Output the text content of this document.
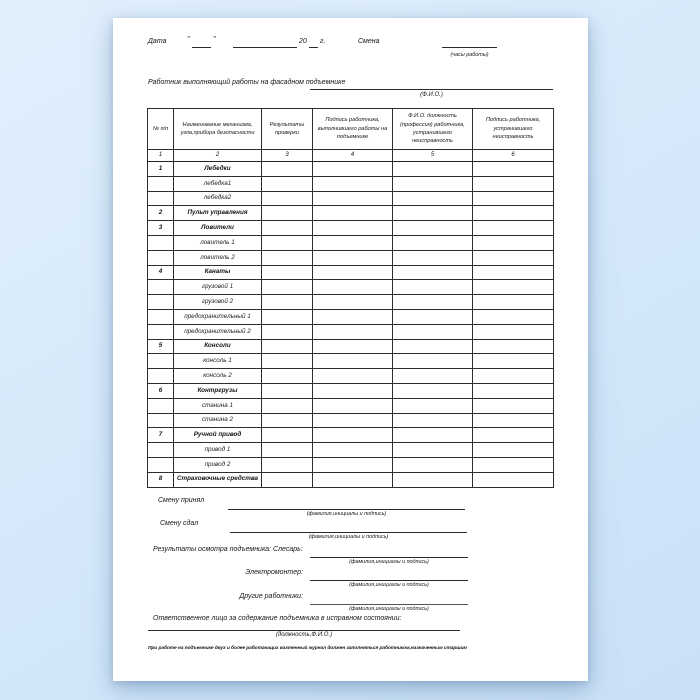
Дата	"	"	20 г.	Смена
(часы работы)
Работник выполняющий работы на фасадном подъемнике
(Ф.И.О.)
№ п/п	Наименование механизма, узла,прибора безопасности	Результаты проверки	Подпись работника, выполнившего работы на подъемнике	Ф.И.О. должность (профессия) работника, устранившего неисправность	Подпись работника, устранившего неисправность
1	2	3	4	5	6
1	Лебедки				
	лебедка1				
	лебедка2				
2	Пульт управления				
3	Ловители				
	ловитель 1				
	ловитель 2				
4	Канаты				
	грузовой 1				
	грузовой 2				
	предохранительный 1				
	предохранительный 2				
5	Консоли				
	консоль 1				
	консоль 2				
6	Контргрузы				
	станина 1				
	станина 2				
7	Ручной привод				
	привод 1				
	привод 2				
8	Страховочные средства				
Смену принял
(фамилия,инициалы и подпись)
Смену сдал
(фамилия,инициалы и подпись)
Результаты осмотра подъемника: Слесарь:
(фамилия,инициалы и подпись)
Электромонтер:
(фамилия,инициалы и подпись)
Другие работники:
(фамилия,инициалы и подпись)
Ответственное лицо за содержание подъемника в исправном состоянии:
(должность,Ф.И.О.)
При работе на подъемнике двух и более работающих вахтенный журнал должен заполняться работником,назначенным старшим
